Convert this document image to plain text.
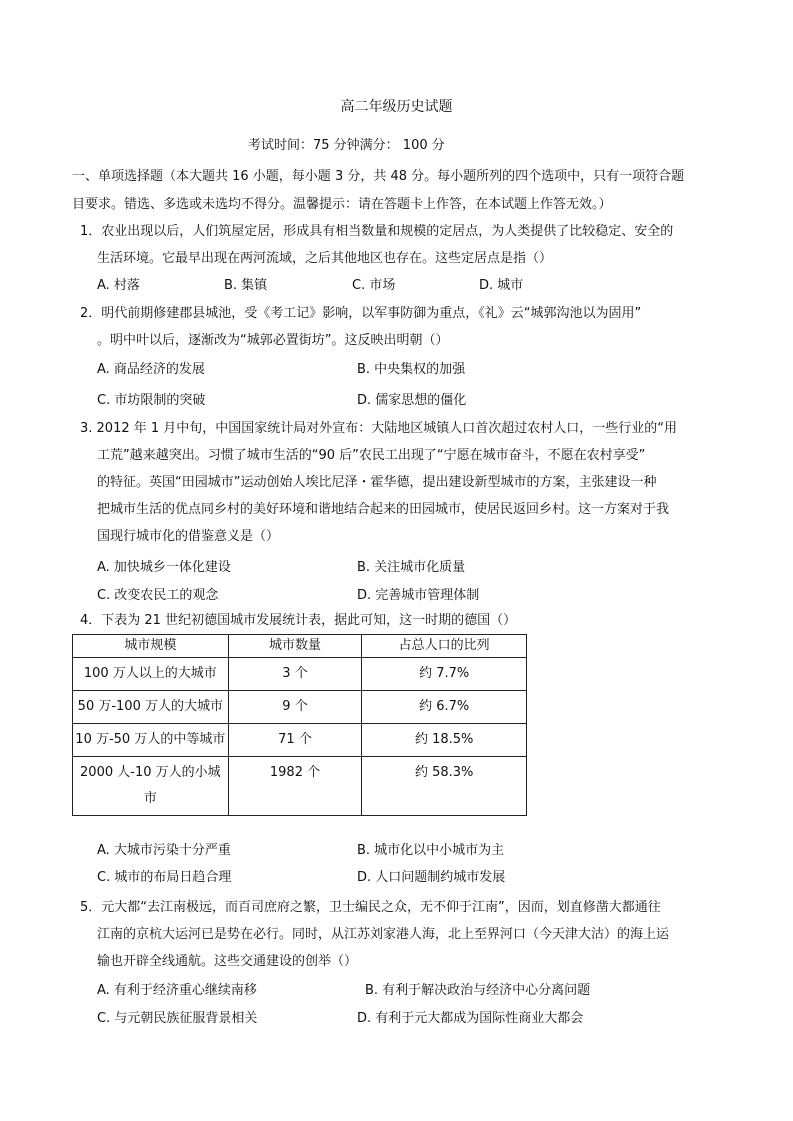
高二年级历史试题
考试时间：75 分钟满分： 100 分
一、单项选择题（本大题共 16 小题，每小题 3 分，共 48 分。每小题所列的四个选项中，只有一项符合题
目要求。错选、多选或未选均不得分。温馨提示：请在答题卡上作答，在本试题上作答无效。）
1．农业出现以后，人们筑屋定居，形成具有相当数量和规模的定居点，为人类提供了比较稳定、安全的
生活环境。它最早出现在两河流域，之后其他地区也存在。这些定居点是指（）
A. 村落	B. 集镇	C. 市场	D. 城市
2．明代前期修建郡县城池，受《考工记》影响，以军事防御为重点，《礼》云“城郭沟池以为固用”
。明中叶以后，逐渐改为“城郭必置街坊”。这反映出明朝（）
A. 商品经济的发展	B. 中央集权的加强
C. 市坊限制的突破	D. 儒家思想的僵化
3. 2012 年 1 月中旬，中国国家统计局对外宣布：大陆地区城镇人口首次超过农村人口，一些行业的“用
工荒”越来越突出。习惯了城市生活的“90 后”农民工出现了“宁愿在城市奋斗，不愿在农村享受”
的特征。英国“田园城市”运动创始人埃比尼泽・霍华德，提出建设新型城市的方案，主张建设一种
把城市生活的优点同乡村的美好环境和谐地结合起来的田园城市，使居民返回乡村。这一方案对于我
国现行城市化的借鉴意义是（）
A. 加快城乡一体化建设	B. 关注城市化质量
C. 改变农民工的观念	D. 完善城市管理体制
4．下表为 21 世纪初德国城市发展统计表，据此可知，这一时期的德国（）
城市规模	城市数量	占总人口的比列
100 万人以上的大城市	3 个	约 7.7%
50 万-100 万人的大城市	9 个	约 6.7%
10 万-50 万人的中等城市	71 个	约 18.5%
2000 人-10 万人的小城市	1982 个	约 58.3%
A. 大城市污染十分严重	B. 城市化以中小城市为主
C. 城市的布局日趋合理	D. 人口问题制约城市发展
5．元大都“去江南极远，而百司庶府之繁，卫士编民之众，无不仰于江南”，因而，划直修凿大都通往
江南的京杭大运河已是势在必行。同时，从江苏刘家港人海，北上至界河口（今天津大沽）的海上运
输也开辟全线通航。这些交通建设的创举（）
A. 有利于经济重心继续南移	B. 有利于解决政治与经济中心分离问题
C. 与元朝民族征服背景相关	D. 有利于元大都成为国际性商业大都会
